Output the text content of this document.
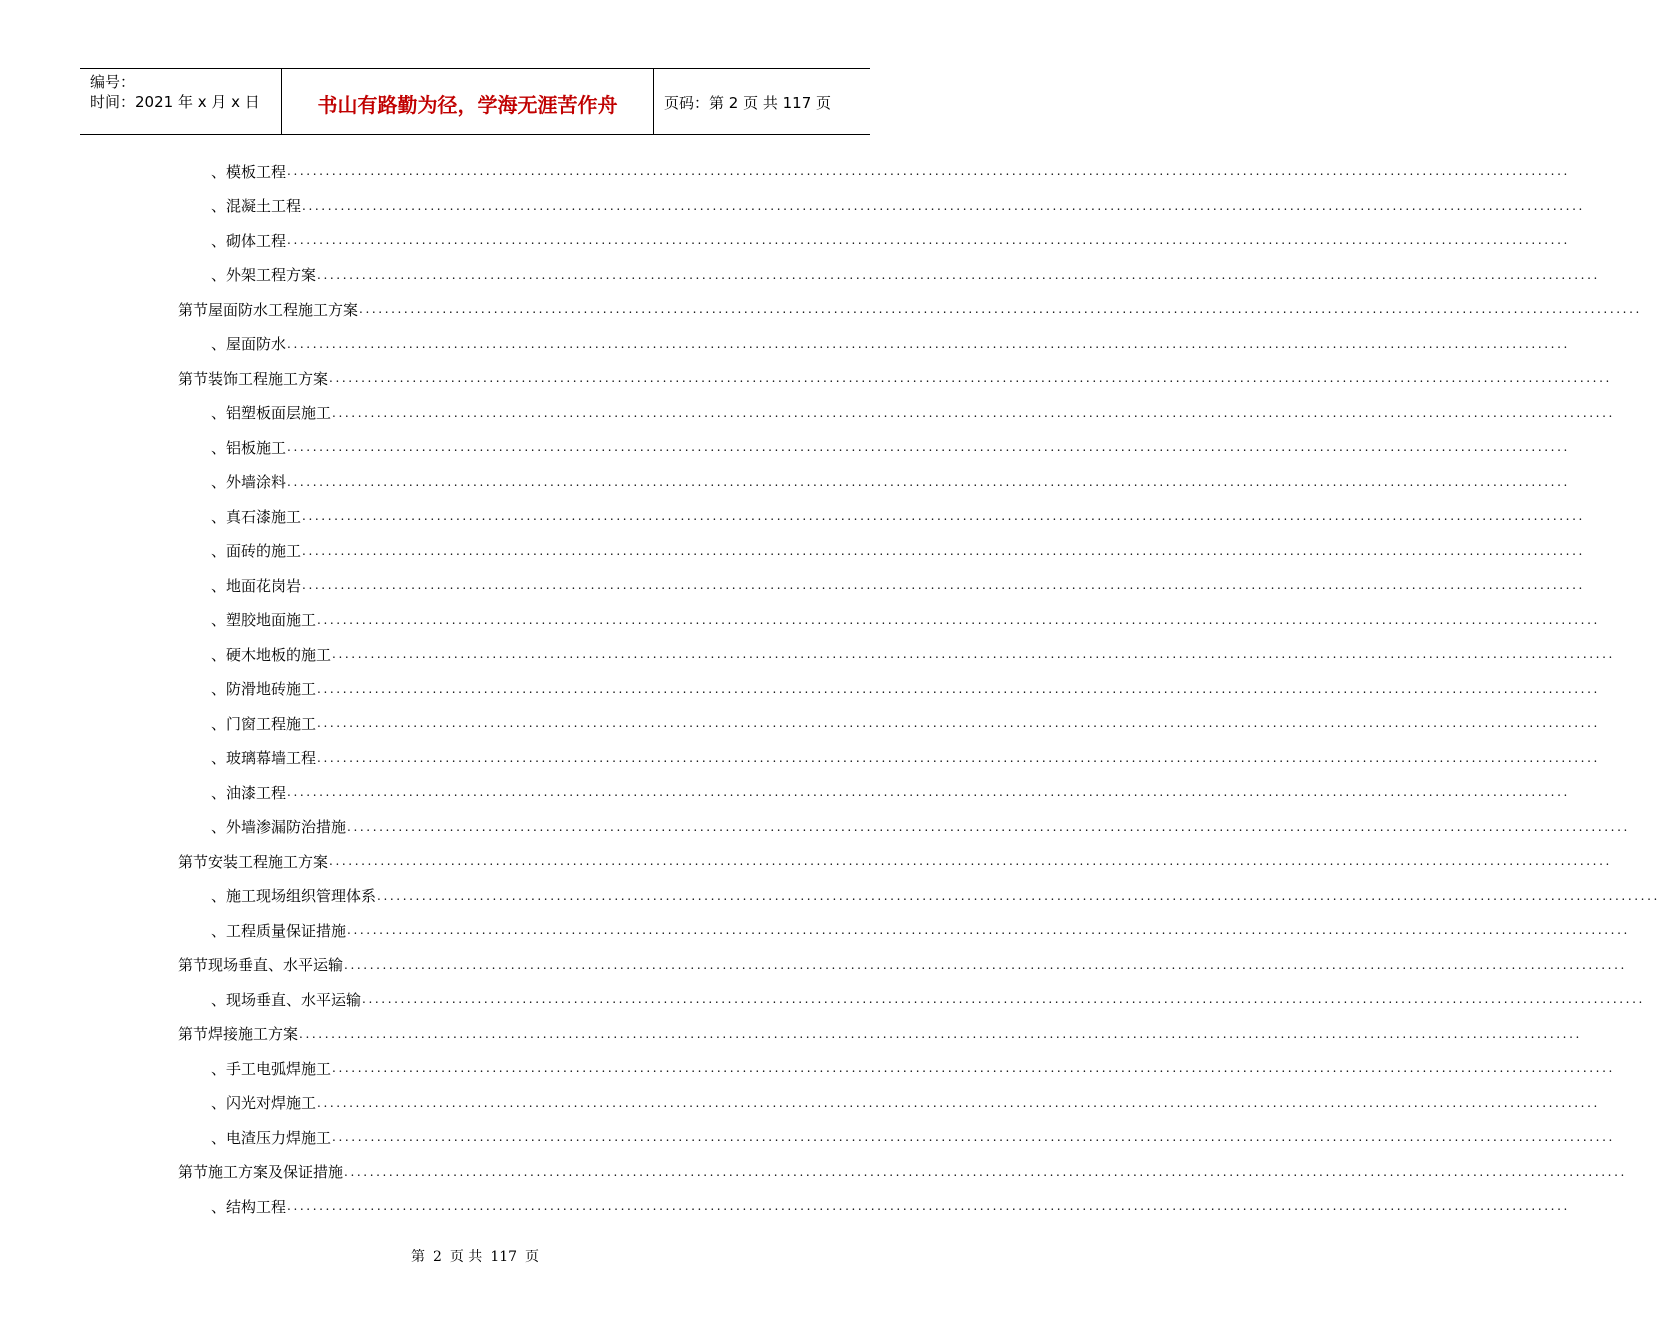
编号：
时间：2021 年 x 月 x 日	书山有路勤为径，学海无涯苦作舟	页码：第 2 页 共 117 页
、 模板工程 ........................................................................................................................................................................................................
、 混凝土工程 ........................................................................................................................................................................................................
、 砌体工程 ........................................................................................................................................................................................................
、 外架工程方案 ........................................................................................................................................................................................................
第节 屋面防水工程施工方案 ........................................................................................................................................................................................................
、 屋面防水 ........................................................................................................................................................................................................
第节 装饰工程施工方案 ........................................................................................................................................................................................................
、 铝塑板面层施工 ........................................................................................................................................................................................................
、 铝板施工 ........................................................................................................................................................................................................
、 外墙涂料 ........................................................................................................................................................................................................
、 真石漆施工 ........................................................................................................................................................................................................
、 面砖的施工 ........................................................................................................................................................................................................
、 地面花岗岩 ........................................................................................................................................................................................................
、 塑胶地面施工 ........................................................................................................................................................................................................
、 硬木地板的施工 ........................................................................................................................................................................................................
、 防滑地砖施工 ........................................................................................................................................................................................................
、 门窗工程施工 ........................................................................................................................................................................................................
、 玻璃幕墙工程 ........................................................................................................................................................................................................
、 油漆工程 ........................................................................................................................................................................................................
、 外墙渗漏防治措施 ........................................................................................................................................................................................................
第节 安装工程施工方案 ........................................................................................................................................................................................................
、 施工现场组织管理体系 ........................................................................................................................................................................................................
、 工程质量保证措施 ........................................................................................................................................................................................................
第节 现场垂直、水平运输 ........................................................................................................................................................................................................
、 现场垂直、水平运输 ........................................................................................................................................................................................................
第节 焊接施工方案 ........................................................................................................................................................................................................
、 手工电弧焊施工 ........................................................................................................................................................................................................
、 闪光对焊施工 ........................................................................................................................................................................................................
、 电渣压力焊施工 ........................................................................................................................................................................................................
第节 施工方案及保证措施 ........................................................................................................................................................................................................
、 结构工程 ........................................................................................................................................................................................................
第 2 页 共 117 页
